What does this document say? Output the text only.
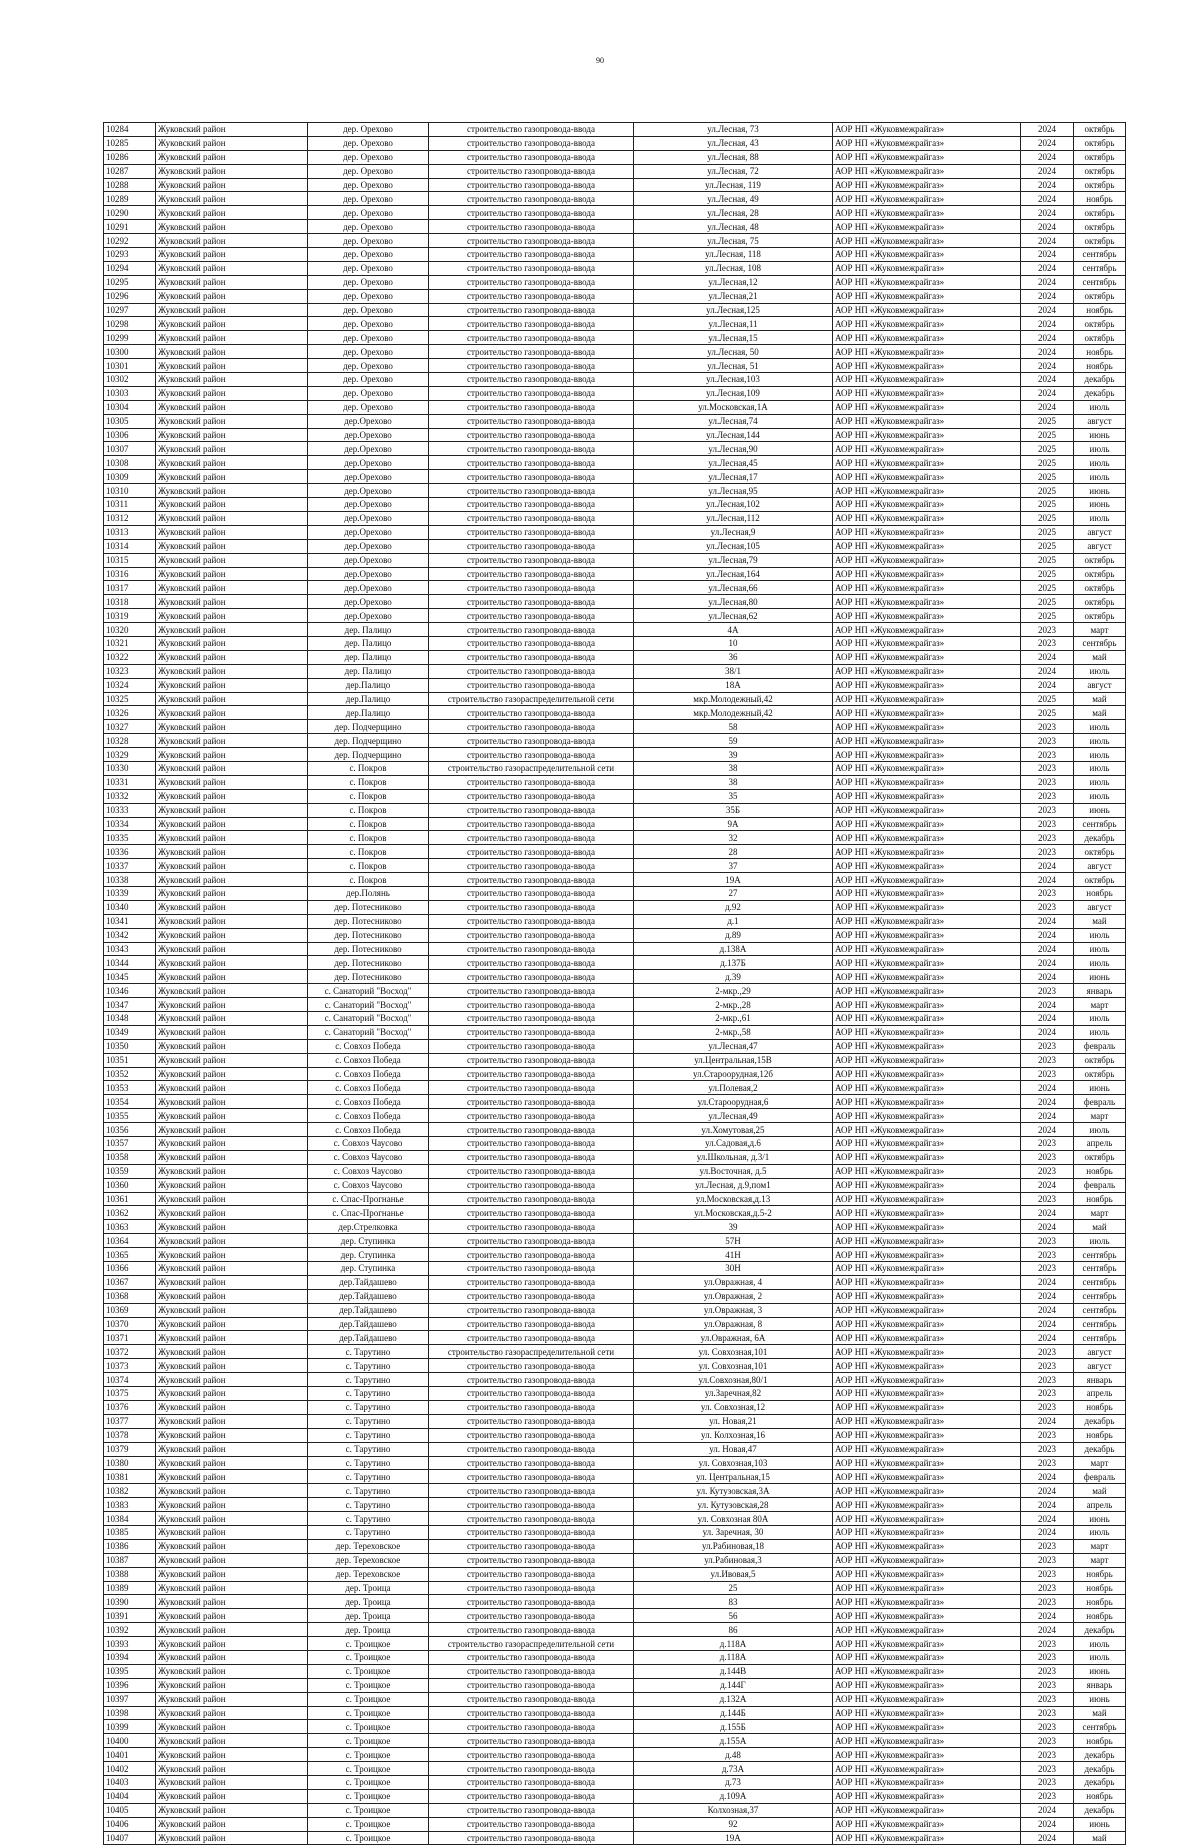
90
10284	Жуковский район	дер. Орехово	строительство газопровода-ввода	ул.Лесная, 73	АОР НП «Жуковмежрайгаз»	2024	октябрь
10285	Жуковский район	дер. Орехово	строительство газопровода-ввода	ул.Лесная, 43	АОР НП «Жуковмежрайгаз»	2024	октябрь
10286	Жуковский район	дер. Орехово	строительство газопровода-ввода	ул.Лесная, 88	АОР НП «Жуковмежрайгаз»	2024	октябрь
10287	Жуковский район	дер. Орехово	строительство газопровода-ввода	ул.Лесная, 72	АОР НП «Жуковмежрайгаз»	2024	октябрь
10288	Жуковский район	дер. Орехово	строительство газопровода-ввода	ул.Лесная, 119	АОР НП «Жуковмежрайгаз»	2024	октябрь
10289	Жуковский район	дер. Орехово	строительство газопровода-ввода	ул.Лесная, 49	АОР НП «Жуковмежрайгаз»	2024	ноябрь
10290	Жуковский район	дер. Орехово	строительство газопровода-ввода	ул.Лесная, 28	АОР НП «Жуковмежрайгаз»	2024	октябрь
10291	Жуковский район	дер. Орехово	строительство газопровода-ввода	ул.Лесная, 48	АОР НП «Жуковмежрайгаз»	2024	октябрь
10292	Жуковский район	дер. Орехово	строительство газопровода-ввода	ул.Лесная, 75	АОР НП «Жуковмежрайгаз»	2024	октябрь
10293	Жуковский район	дер. Орехово	строительство газопровода-ввода	ул.Лесная, 118	АОР НП «Жуковмежрайгаз»	2024	сентябрь
10294	Жуковский район	дер. Орехово	строительство газопровода-ввода	ул.Лесная, 108	АОР НП «Жуковмежрайгаз»	2024	сентябрь
10295	Жуковский район	дер. Орехово	строительство газопровода-ввода	ул.Лесная,12	АОР НП «Жуковмежрайгаз»	2024	сентябрь
10296	Жуковский район	дер. Орехово	строительство газопровода-ввода	ул.Лесная,21	АОР НП «Жуковмежрайгаз»	2024	октябрь
10297	Жуковский район	дер. Орехово	строительство газопровода-ввода	ул.Лесная,125	АОР НП «Жуковмежрайгаз»	2024	ноябрь
10298	Жуковский район	дер. Орехово	строительство газопровода-ввода	ул.Лесная,11	АОР НП «Жуковмежрайгаз»	2024	октябрь
10299	Жуковский район	дер. Орехово	строительство газопровода-ввода	ул.Лесная,15	АОР НП «Жуковмежрайгаз»	2024	октябрь
10300	Жуковский район	дер. Орехово	строительство газопровода-ввода	ул.Лесная, 50	АОР НП «Жуковмежрайгаз»	2024	ноябрь
10301	Жуковский район	дер. Орехово	строительство газопровода-ввода	ул.Лесная, 51	АОР НП «Жуковмежрайгаз»	2024	ноябрь
10302	Жуковский район	дер. Орехово	строительство газопровода-ввода	ул.Лесная,103	АОР НП «Жуковмежрайгаз»	2024	декабрь
10303	Жуковский район	дер. Орехово	строительство газопровода-ввода	ул.Лесная,109	АОР НП «Жуковмежрайгаз»	2024	декабрь
10304	Жуковский район	дер. Орехово	строительство газопровода-ввода	ул.Московская,1А	АОР НП «Жуковмежрайгаз»	2024	июль
10305	Жуковский район	дер.Орехово	строительство газопровода-ввода	ул.Лесная,74	АОР НП «Жуковмежрайгаз»	2025	август
10306	Жуковский район	дер.Орехово	строительство газопровода-ввода	ул.Лесная,144	АОР НП «Жуковмежрайгаз»	2025	июнь
10307	Жуковский район	дер.Орехово	строительство газопровода-ввода	ул.Лесная,90	АОР НП «Жуковмежрайгаз»	2025	июль
10308	Жуковский район	дер.Орехово	строительство газопровода-ввода	ул.Лесная,45	АОР НП «Жуковмежрайгаз»	2025	июль
10309	Жуковский район	дер.Орехово	строительство газопровода-ввода	ул.Лесная,17	АОР НП «Жуковмежрайгаз»	2025	июль
10310	Жуковский район	дер.Орехово	строительство газопровода-ввода	ул.Лесная,95	АОР НП «Жуковмежрайгаз»	2025	июнь
10311	Жуковский район	дер.Орехово	строительство газопровода-ввода	ул.Лесная,102	АОР НП «Жуковмежрайгаз»	2025	июнь
10312	Жуковский район	дер.Орехово	строительство газопровода-ввода	ул.Лесная,112	АОР НП «Жуковмежрайгаз»	2025	июль
10313	Жуковский район	дер.Орехово	строительство газопровода-ввода	ул.Лесная,9	АОР НП «Жуковмежрайгаз»	2025	август
10314	Жуковский район	дер.Орехово	строительство газопровода-ввода	ул.Лесная,105	АОР НП «Жуковмежрайгаз»	2025	август
10315	Жуковский район	дер.Орехово	строительство газопровода-ввода	ул.Лесная,79	АОР НП «Жуковмежрайгаз»	2025	октябрь
10316	Жуковский район	дер.Орехово	строительство газопровода-ввода	ул.Лесная,164	АОР НП «Жуковмежрайгаз»	2025	октябрь
10317	Жуковский район	дер.Орехово	строительство газопровода-ввода	ул.Лесная,66	АОР НП «Жуковмежрайгаз»	2025	октябрь
10318	Жуковский район	дер.Орехово	строительство газопровода-ввода	ул.Лесная,80	АОР НП «Жуковмежрайгаз»	2025	октябрь
10319	Жуковский район	дер.Орехово	строительство газопровода-ввода	ул.Лесная,62	АОР НП «Жуковмежрайгаз»	2025	октябрь
10320	Жуковский район	дер. Палицо	строительство газопровода-ввода	4А	АОР НП «Жуковмежрайгаз»	2023	март
10321	Жуковский район	дер. Палицо	строительство газопровода-ввода	10	АОР НП «Жуковмежрайгаз»	2023	сентябрь
10322	Жуковский район	дер. Палицо	строительство газопровода-ввода	36	АОР НП «Жуковмежрайгаз»	2024	май
10323	Жуковский район	дер. Палицо	строительство газопровода-ввода	38/1	АОР НП «Жуковмежрайгаз»	2024	июль
10324	Жуковский район	дер.Палицо	строительство газопровода-ввода	18А	АОР НП «Жуковмежрайгаз»	2024	август
10325	Жуковский район	дер.Палицо	строительство газораспределительной сети	мкр.Молодежный,42	АОР НП «Жуковмежрайгаз»	2025	май
10326	Жуковский район	дер.Палицо	строительство газопровода-ввода	мкр.Молодежный,42	АОР НП «Жуковмежрайгаз»	2025	май
10327	Жуковский район	дер. Подчерщино	строительство газопровода-ввода	58	АОР НП «Жуковмежрайгаз»	2023	июль
10328	Жуковский район	дер. Подчерщино	строительство газопровода-ввода	59	АОР НП «Жуковмежрайгаз»	2023	июль
10329	Жуковский район	дер. Подчерщино	строительство газопровода-ввода	39	АОР НП «Жуковмежрайгаз»	2023	июль
10330	Жуковский район	с. Покров	строительство газораспределительной сети	38	АОР НП «Жуковмежрайгаз»	2023	июль
10331	Жуковский район	с. Покров	строительство газопровода-ввода	38	АОР НП «Жуковмежрайгаз»	2023	июль
10332	Жуковский район	с. Покров	строительство газопровода-ввода	35	АОР НП «Жуковмежрайгаз»	2023	июль
10333	Жуковский район	с. Покров	строительство газопровода-ввода	35Б	АОР НП «Жуковмежрайгаз»	2023	июнь
10334	Жуковский район	с. Покров	строительство газопровода-ввода	9А	АОР НП «Жуковмежрайгаз»	2023	сентябрь
10335	Жуковский район	с. Покров	строительство газопровода-ввода	32	АОР НП «Жуковмежрайгаз»	2023	декабрь
10336	Жуковский район	с. Покров	строительство газопровода-ввода	28	АОР НП «Жуковмежрайгаз»	2023	октябрь
10337	Жуковский район	с. Покров	строительство газопровода-ввода	37	АОР НП «Жуковмежрайгаз»	2024	август
10338	Жуковский район	с. Покров	строительство газопровода-ввода	19А	АОР НП «Жуковмежрайгаз»	2024	октябрь
10339	Жуковский район	дер.Полянь	строительство газопровода-ввода	27	АОР НП «Жуковмежрайгаз»	2023	ноябрь
10340	Жуковский район	дер. Потесниково	строительство газопровода-ввода	д.92	АОР НП «Жуковмежрайгаз»	2023	август
10341	Жуковский район	дер. Потесниково	строительство газопровода-ввода	д.1	АОР НП «Жуковмежрайгаз»	2024	май
10342	Жуковский район	дер. Потесниково	строительство газопровода-ввода	д.89	АОР НП «Жуковмежрайгаз»	2024	июль
10343	Жуковский район	дер. Потесниково	строительство газопровода-ввода	д.138А	АОР НП «Жуковмежрайгаз»	2024	июль
10344	Жуковский район	дер. Потесниково	строительство газопровода-ввода	д.137Б	АОР НП «Жуковмежрайгаз»	2024	июль
10345	Жуковский район	дер. Потесниково	строительство газопровода-ввода	д.39	АОР НП «Жуковмежрайгаз»	2024	июнь
10346	Жуковский район	с. Санаторий "Восход"	строительство газопровода-ввода	2-мкр.,29	АОР НП «Жуковмежрайгаз»	2023	январь
10347	Жуковский район	с. Санаторий "Восход"	строительство газопровода-ввода	2-мкр.,28	АОР НП «Жуковмежрайгаз»	2024	март
10348	Жуковский район	с. Санаторий "Восход"	строительство газопровода-ввода	2-мкр.,61	АОР НП «Жуковмежрайгаз»	2024	июль
10349	Жуковский район	с. Санаторий "Восход"	строительство газопровода-ввода	2-мкр.,58	АОР НП «Жуковмежрайгаз»	2024	июль
10350	Жуковский район	с. Совхоз Победа	строительство газопровода-ввода	ул.Лесная,47	АОР НП «Жуковмежрайгаз»	2023	февраль
10351	Жуковский район	с. Совхоз Победа	строительство газопровода-ввода	ул.Центральная,15В	АОР НП «Жуковмежрайгаз»	2023	октябрь
10352	Жуковский район	с. Совхоз Победа	строительство газопровода-ввода	ул.Староорудная,12б	АОР НП «Жуковмежрайгаз»	2023	октябрь
10353	Жуковский район	с. Совхоз Победа	строительство газопровода-ввода	ул.Полевая,2	АОР НП «Жуковмежрайгаз»	2024	июнь
10354	Жуковский район	с. Совхоз Победа	строительство газопровода-ввода	ул.Староорудная,6	АОР НП «Жуковмежрайгаз»	2024	февраль
10355	Жуковский район	с. Совхоз Победа	строительство газопровода-ввода	ул.Лесная,49	АОР НП «Жуковмежрайгаз»	2024	март
10356	Жуковский район	с. Совхоз Победа	строительство газопровода-ввода	ул.Хомутовая,25	АОР НП «Жуковмежрайгаз»	2024	июль
10357	Жуковский район	с. Совхоз Чаусово	строительство газопровода-ввода	ул.Садовая,д.6	АОР НП «Жуковмежрайгаз»	2023	апрель
10358	Жуковский район	с. Совхоз Чаусово	строительство газопровода-ввода	ул.Школьная, д.3/1	АОР НП «Жуковмежрайгаз»	2023	октябрь
10359	Жуковский район	с. Совхоз Чаусово	строительство газопровода-ввода	ул.Восточная, д.5	АОР НП «Жуковмежрайгаз»	2023	ноябрь
10360	Жуковский район	с. Совхоз Чаусово	строительство газопровода-ввода	ул.Лесная, д.9,пом1	АОР НП «Жуковмежрайгаз»	2024	февраль
10361	Жуковский район	с. Спас-Прогнанье	строительство газопровода-ввода	ул.Московская,д.13	АОР НП «Жуковмежрайгаз»	2023	ноябрь
10362	Жуковский район	с. Спас-Прогнанье	строительство газопровода-ввода	ул.Московская,д.5-2	АОР НП «Жуковмежрайгаз»	2024	март
10363	Жуковский район	дер.Стрелковка	строительство газопровода-ввода	39	АОР НП «Жуковмежрайгаз»	2024	май
10364	Жуковский район	дер. Ступинка	строительство газопровода-ввода	57Н	АОР НП «Жуковмежрайгаз»	2023	июль
10365	Жуковский район	дер. Ступинка	строительство газопровода-ввода	41Н	АОР НП «Жуковмежрайгаз»	2023	сентябрь
10366	Жуковский район	дер. Ступинка	строительство газопровода-ввода	30Н	АОР НП «Жуковмежрайгаз»	2023	сентябрь
10367	Жуковский район	дер.Тайдашево	строительство газопровода-ввода	ул.Овражная, 4	АОР НП «Жуковмежрайгаз»	2024	сентябрь
10368	Жуковский район	дер.Тайдашево	строительство газопровода-ввода	ул.Овражная, 2	АОР НП «Жуковмежрайгаз»	2024	сентябрь
10369	Жуковский район	дер.Тайдашево	строительство газопровода-ввода	ул.Овражная, 3	АОР НП «Жуковмежрайгаз»	2024	сентябрь
10370	Жуковский район	дер.Тайдашево	строительство газопровода-ввода	ул.Овражная, 8	АОР НП «Жуковмежрайгаз»	2024	сентябрь
10371	Жуковский район	дер.Тайдашево	строительство газопровода-ввода	ул.Овражная, 6А	АОР НП «Жуковмежрайгаз»	2024	сентябрь
10372	Жуковский район	с. Тарутино	строительство газораспределительной сети	ул. Совхозная,101	АОР НП «Жуковмежрайгаз»	2023	август
10373	Жуковский район	с. Тарутино	строительство газопровода-ввода	ул. Совхозная,101	АОР НП «Жуковмежрайгаз»	2023	август
10374	Жуковский район	с. Тарутино	строительство газопровода-ввода	ул.Совхозная,80/1	АОР НП «Жуковмежрайгаз»	2023	январь
10375	Жуковский район	с. Тарутино	строительство газопровода-ввода	ул.Заречная,82	АОР НП «Жуковмежрайгаз»	2023	апрель
10376	Жуковский район	с. Тарутино	строительство газопровода-ввода	ул. Совхозная,12	АОР НП «Жуковмежрайгаз»	2023	ноябрь
10377	Жуковский район	с. Тарутино	строительство газопровода-ввода	ул. Новая,21	АОР НП «Жуковмежрайгаз»	2024	декабрь
10378	Жуковский район	с. Тарутино	строительство газопровода-ввода	ул. Колхозная,16	АОР НП «Жуковмежрайгаз»	2023	ноябрь
10379	Жуковский район	с. Тарутино	строительство газопровода-ввода	ул. Новая,47	АОР НП «Жуковмежрайгаз»	2023	декабрь
10380	Жуковский район	с. Тарутино	строительство газопровода-ввода	ул. Совхозная,103	АОР НП «Жуковмежрайгаз»	2023	март
10381	Жуковский район	с. Тарутино	строительство газопровода-ввода	ул. Центральная,15	АОР НП «Жуковмежрайгаз»	2024	февраль
10382	Жуковский район	с. Тарутино	строительство газопровода-ввода	ул. Кутузовская,3А	АОР НП «Жуковмежрайгаз»	2024	май
10383	Жуковский район	с. Тарутино	строительство газопровода-ввода	ул. Кутузовская,28	АОР НП «Жуковмежрайгаз»	2024	апрель
10384	Жуковский район	с. Тарутино	строительство газопровода-ввода	ул. Совхозная 80А	АОР НП «Жуковмежрайгаз»	2024	июнь
10385	Жуковский район	с. Тарутино	строительство газопровода-ввода	ул. Заречная, 30	АОР НП «Жуковмежрайгаз»	2024	июль
10386	Жуковский район	дер. Тереховское	строительство газопровода-ввода	ул.Рабиновая,18	АОР НП «Жуковмежрайгаз»	2023	март
10387	Жуковский район	дер. Тереховское	строительство газопровода-ввода	ул.Рабиновая,3	АОР НП «Жуковмежрайгаз»	2023	март
10388	Жуковский район	дер. Тереховское	строительство газопровода-ввода	ул.Ивовая,5	АОР НП «Жуковмежрайгаз»	2023	ноябрь
10389	Жуковский район	дер. Троица	строительство газопровода-ввода	25	АОР НП «Жуковмежрайгаз»	2023	ноябрь
10390	Жуковский район	дер. Троица	строительство газопровода-ввода	83	АОР НП «Жуковмежрайгаз»	2023	ноябрь
10391	Жуковский район	дер. Троица	строительство газопровода-ввода	56	АОР НП «Жуковмежрайгаз»	2024	ноябрь
10392	Жуковский район	дер. Троица	строительство газопровода-ввода	86	АОР НП «Жуковмежрайгаз»	2024	декабрь
10393	Жуковский район	с. Троицкое	строительство газораспределительной сети	д.118А	АОР НП «Жуковмежрайгаз»	2023	июль
10394	Жуковский район	с. Троицкое	строительство газопровода-ввода	д.118А	АОР НП «Жуковмежрайгаз»	2023	июль
10395	Жуковский район	с. Троицкое	строительство газопровода-ввода	д.144В	АОР НП «Жуковмежрайгаз»	2023	июнь
10396	Жуковский район	с. Троицкое	строительство газопровода-ввода	д.144Г	АОР НП «Жуковмежрайгаз»	2023	январь
10397	Жуковский район	с. Троицкое	строительство газопровода-ввода	д.132А	АОР НП «Жуковмежрайгаз»	2023	июнь
10398	Жуковский район	с. Троицкое	строительство газопровода-ввода	д.144Б	АОР НП «Жуковмежрайгаз»	2023	май
10399	Жуковский район	с. Троицкое	строительство газопровода-ввода	д.155Б	АОР НП «Жуковмежрайгаз»	2023	сентябрь
10400	Жуковский район	с. Троицкое	строительство газопровода-ввода	д.155А	АОР НП «Жуковмежрайгаз»	2023	ноябрь
10401	Жуковский район	с. Троицкое	строительство газопровода-ввода	д.48	АОР НП «Жуковмежрайгаз»	2023	декабрь
10402	Жуковский район	с. Троицкое	строительство газопровода-ввода	д.73А	АОР НП «Жуковмежрайгаз»	2023	декабрь
10403	Жуковский район	с. Троицкое	строительство газопровода-ввода	д.73	АОР НП «Жуковмежрайгаз»	2023	декабрь
10404	Жуковский район	с. Троицкое	строительство газопровода-ввода	д.109А	АОР НП «Жуковмежрайгаз»	2023	ноябрь
10405	Жуковский район	с. Троицкое	строительство газопровода-ввода	Колхозная,37	АОР НП «Жуковмежрайгаз»	2024	декабрь
10406	Жуковский район	с. Троицкое	строительство газопровода-ввода	92	АОР НП «Жуковмежрайгаз»	2024	июнь
10407	Жуковский район	с. Троицкое	строительство газопровода-ввода	19А	АОР НП «Жуковмежрайгаз»	2024	май
